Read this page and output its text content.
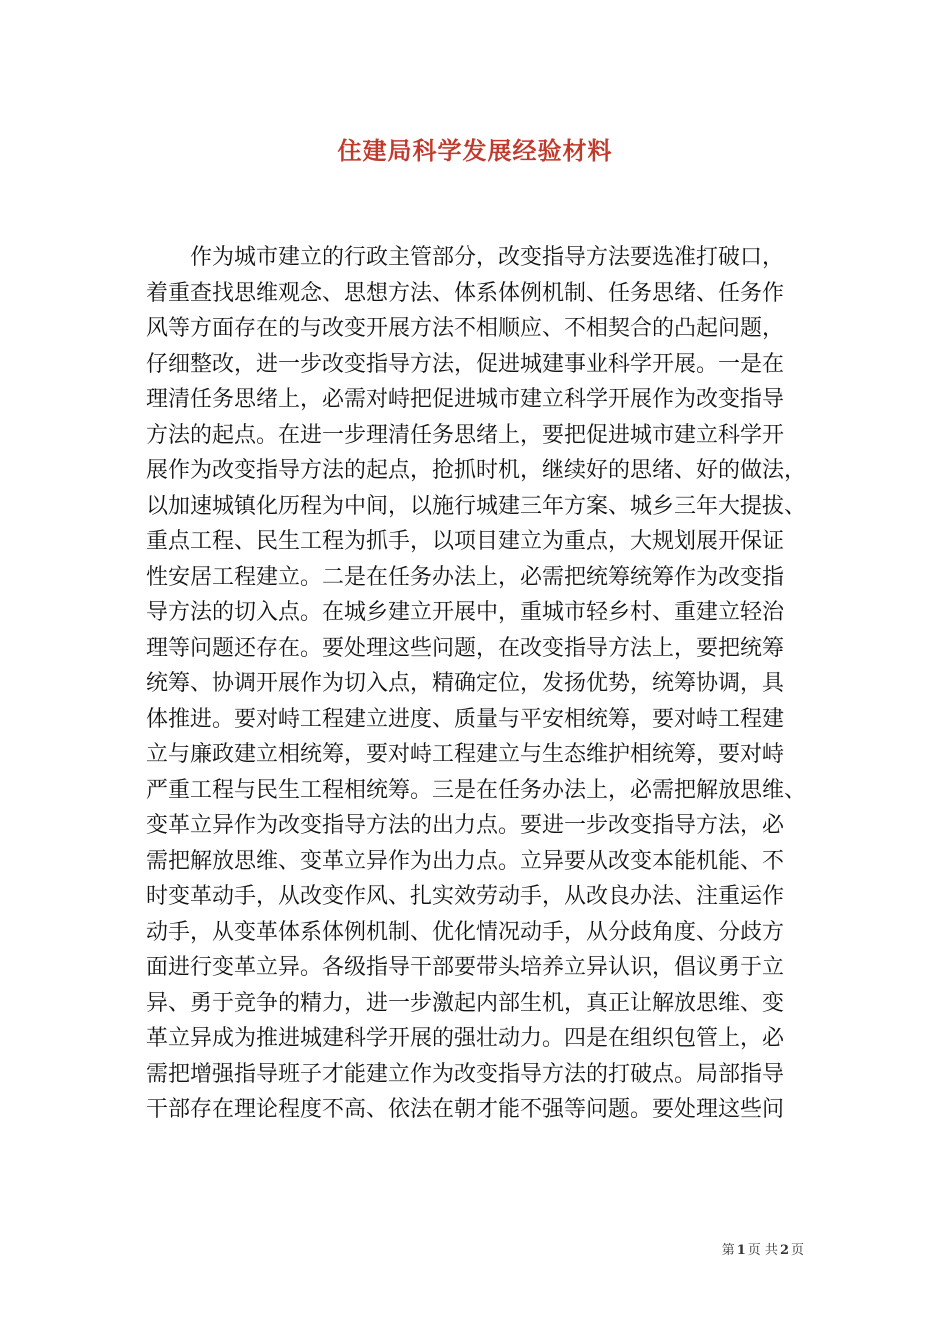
住建局科学发展经验材料
作为城市建立的行政主管部分，改变指导方法要选准打破口，
着重查找思维观念、思想方法、体系体例机制、任务思绪、任务作
风等方面存在的与改变开展方法不相顺应、不相契合的凸起问题，
仔细整改，进一步改变指导方法，促进城建事业科学开展。一是在
理清任务思绪上，必需对峙把促进城市建立科学开展作为改变指导
方法的起点。在进一步理清任务思绪上，要把促进城市建立科学开
展作为改变指导方法的起点，抢抓时机，继续好的思绪、好的做法，
以加速城镇化历程为中间，以施行城建三年方案、城乡三年大提拔、
重点工程、民生工程为抓手，以项目建立为重点，大规划展开保证
性安居工程建立。二是在任务办法上，必需把统筹统筹作为改变指
导方法的切入点。在城乡建立开展中，重城市轻乡村、重建立轻治
理等问题还存在。要处理这些问题，在改变指导方法上，要把统筹
统筹、协调开展作为切入点，精确定位，发扬优势，统筹协调，具
体推进。要对峙工程建立进度、质量与平安相统筹，要对峙工程建
立与廉政建立相统筹，要对峙工程建立与生态维护相统筹，要对峙
严重工程与民生工程相统筹。三是在任务办法上，必需把解放思维、
变革立异作为改变指导方法的出力点。要进一步改变指导方法，必
需把解放思维、变革立异作为出力点。立异要从改变本能机能、不
时变革动手，从改变作风、扎实效劳动手，从改良办法、注重运作
动手，从变革体系体例机制、优化情况动手，从分歧角度、分歧方
面进行变革立异。各级指导干部要带头培养立异认识，倡议勇于立
异、勇于竞争的精力，进一步激起内部生机，真正让解放思维、变
革立异成为推进城建科学开展的强壮动力。四是在组织包管上，必
需把增强指导班子才能建立作为改变指导方法的打破点。局部指导
干部存在理论程度不高、依法在朝才能不强等问题。要处理这些问
第 1 页 共 2 页
